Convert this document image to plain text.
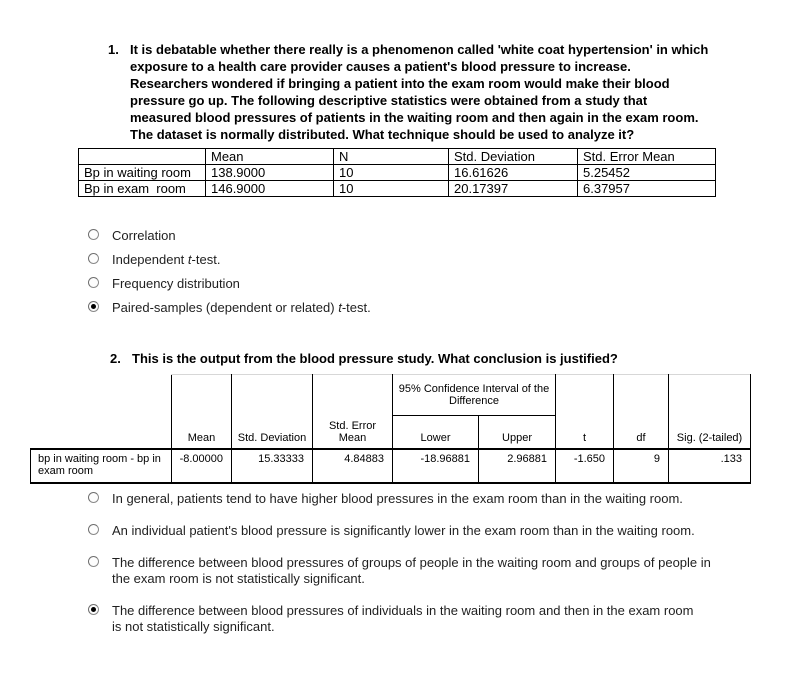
1. It is debatable whether there really is a phenomenon called 'white coat hypertension' in which exposure to a health care provider causes a patient's blood pressure to increase. Researchers wondered if bringing a patient into the exam room would make their blood pressure go up. The following descriptive statistics were obtained from a study that measured blood pressures of patients in the waiting room and then again in the exam room. The dataset is normally distributed. What technique should be used to analyze it?
	Mean	N	Std. Deviation	Std. Error Mean
Bp in waiting room	138.9000	10	16.61626	5.25452
Bp in exam  room	146.9000	10	20.17397	6.37957
Correlation
Independent t-test.
Frequency distribution
Paired-samples (dependent or related) t-test.
2. This is the output from the blood pressure study. What conclusion is justified?
	Mean	Std. Deviation	Std. Error Mean	95% Confidence Interval of the Difference		t	df	Sig. (2-tailed)
				Lower	Upper			
bp in waiting room - bp in exam room	-8.00000	15.33333	4.84883	-18.96881	2.96881	-1.650	9	.133
In general, patients tend to have higher blood pressures in the exam room than in the waiting room.
An individual patient's blood pressure is significantly lower in the exam room than in the waiting room.
The difference between blood pressures of groups of people in the waiting room and groups of people in the exam room is not statistically significant.
The difference between blood pressures of individuals in the waiting room and then in the exam room is not statistically significant.
